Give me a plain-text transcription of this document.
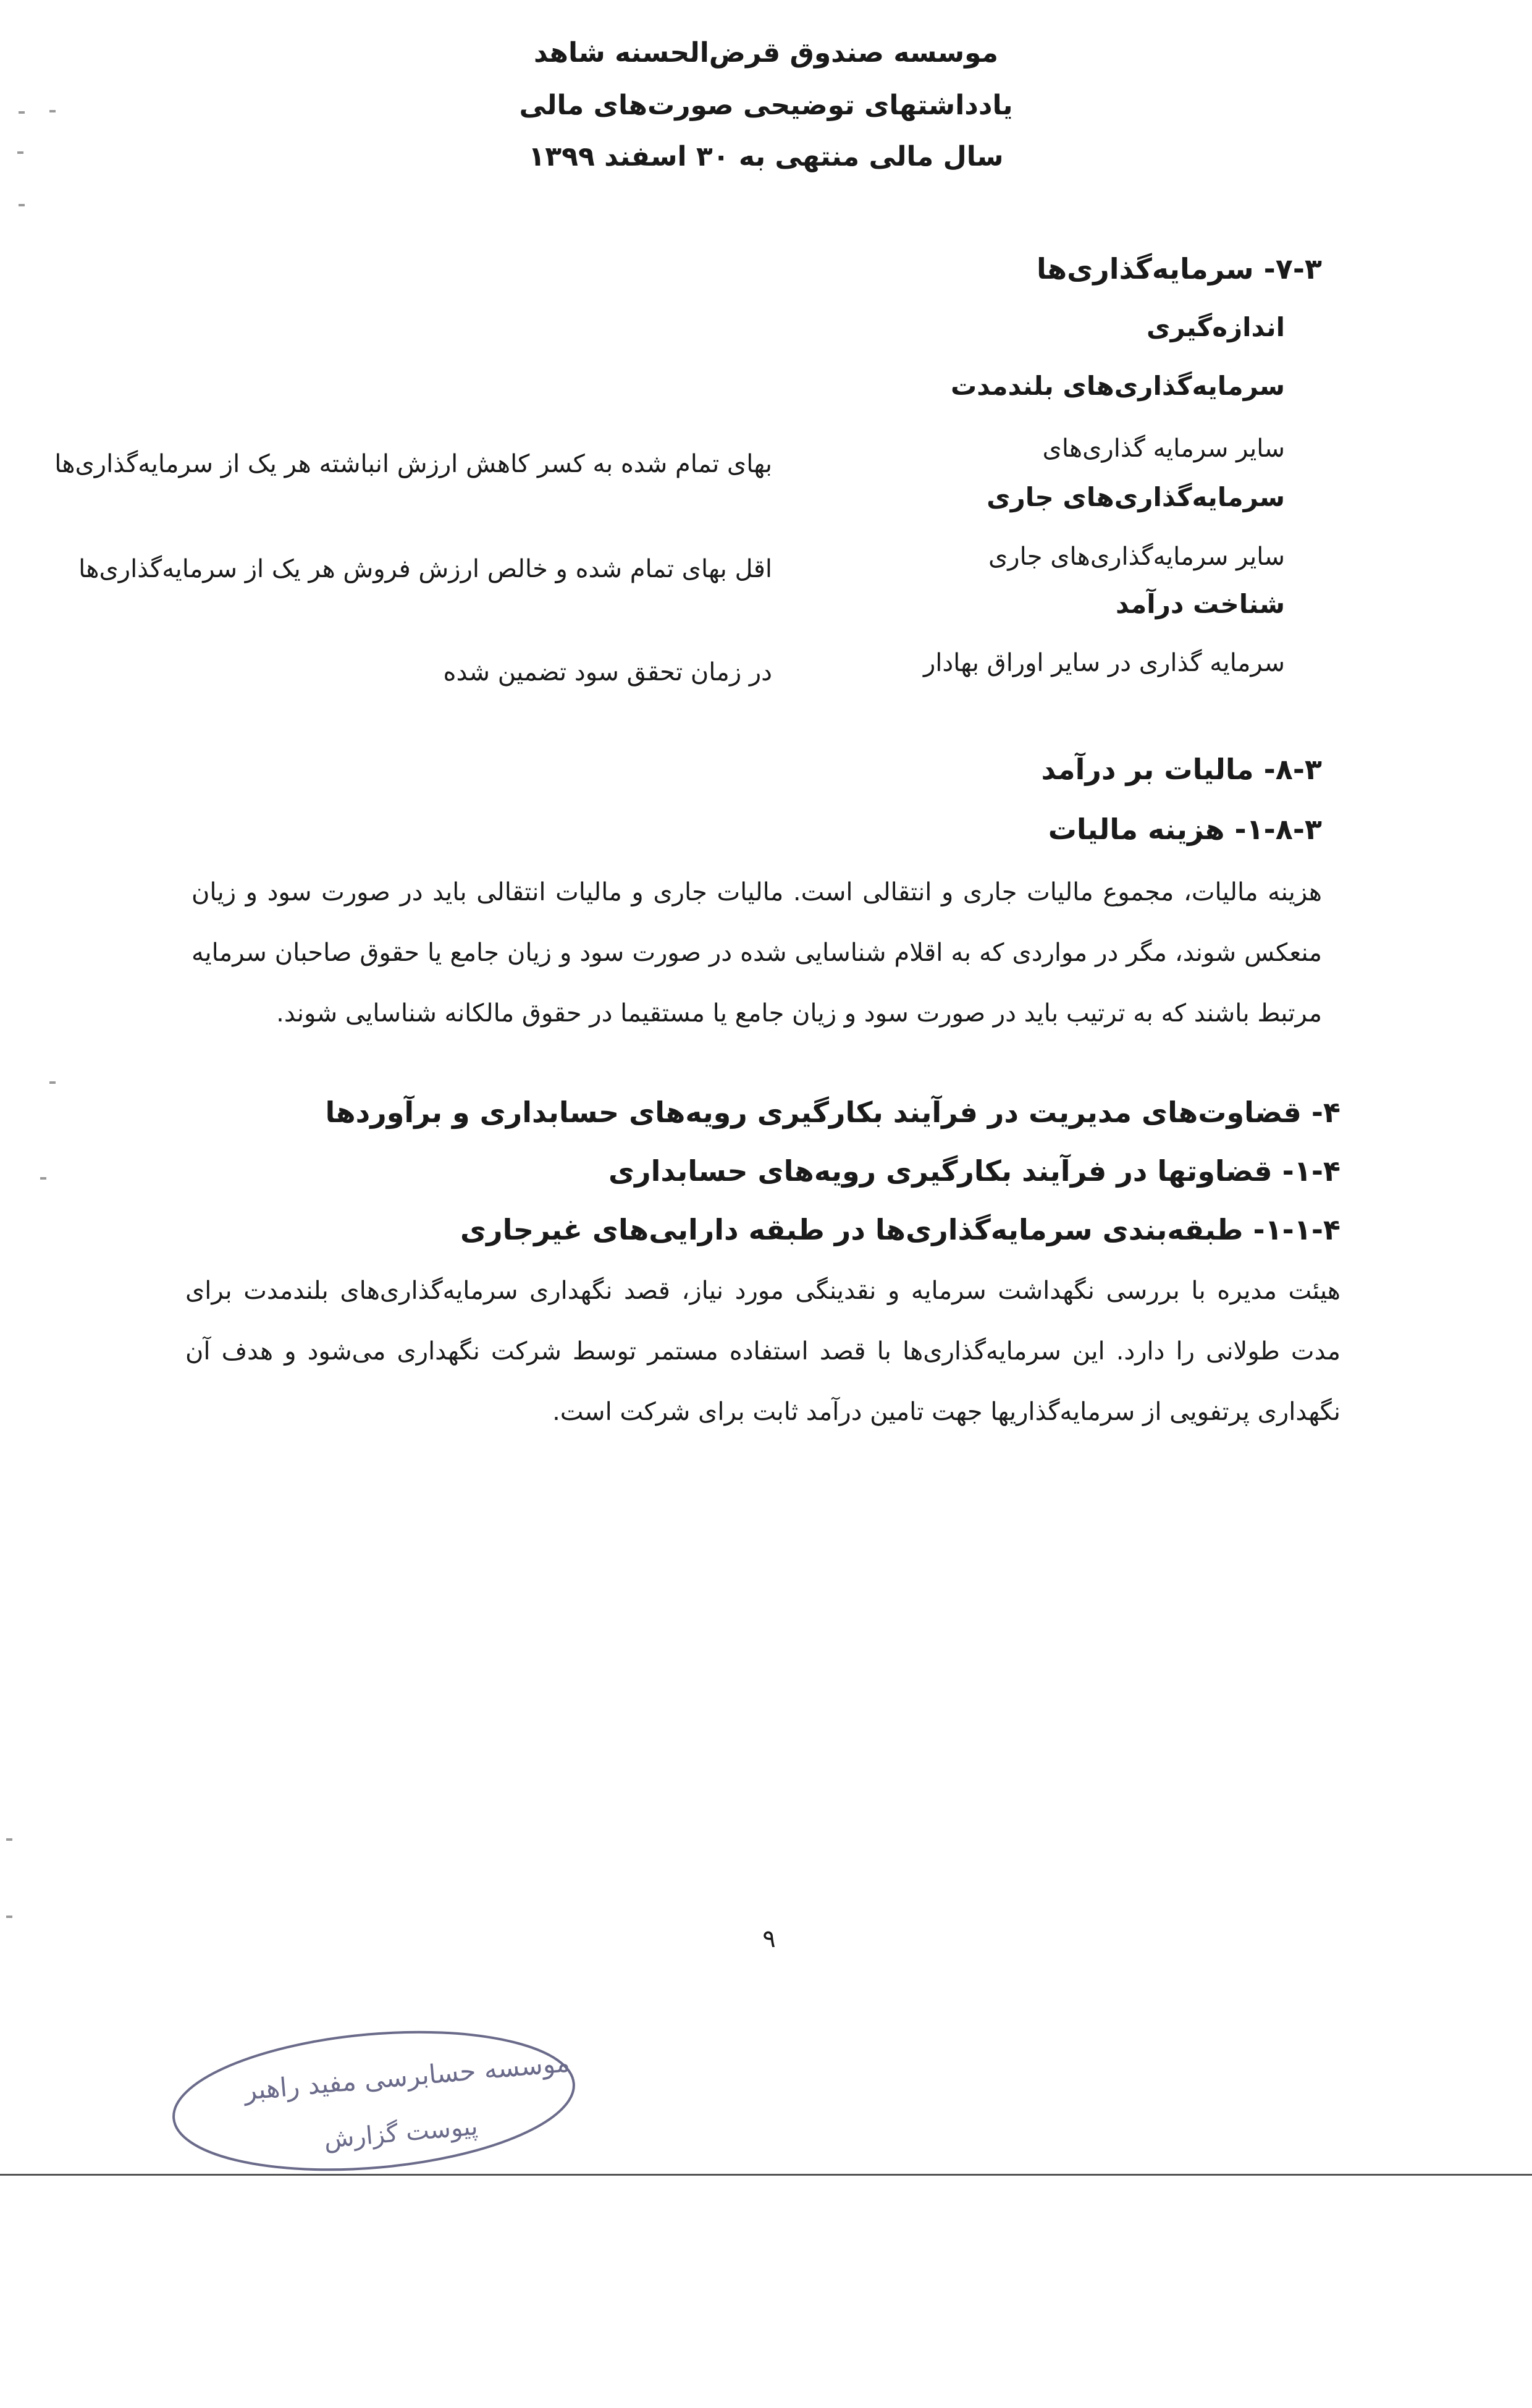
موسسه صندوق قرض‌الحسنه شاهد
یادداشتهای توضیحی صورت‌های مالی
سال مالی منتهی به ۳۰ اسفند ۱۳۹۹
۷-۳- سرمایه‌گذاری‌ها
اندازه‌گیری
سرمایه‌گذاری‌های بلندمدت
سایر سرمایه گذاری‌های
بهای تمام شده به کسر کاهش ارزش انباشته هر یک از سرمایه‌گذاری‌ها
سرمایه‌گذاری‌های جاری
سایر سرمایه‌گذاری‌های جاری
اقل بهای تمام شده و خالص ارزش فروش هر یک از سرمایه‌گذاری‌ها
شناخت درآمد
سرمایه گذاری در سایر اوراق بهادار
در زمان تحقق سود تضمین شده
۸-۳- مالیات بر درآمد
۱-۸-۳- هزینه مالیات
هزینه مالیات، مجموع مالیات جاری و انتقالی است. مالیات جاری و مالیات انتقالی باید در صورت سود و زیان منعکس شوند، مگر در مواردی که به اقلام شناسایی شده در صورت سود و زیان جامع یا حقوق صاحبان سرمایه مرتبط باشند که به ترتیب باید در صورت سود و زیان جامع یا مستقیما در حقوق مالکانه شناسایی شوند.
۴- قضاوت‌های مدیریت در فرآیند بکارگیری رویه‌های حسابداری و برآوردها
۱-۴- قضاوتها در فرآیند بکارگیری رویه‌های حسابداری
۱-۱-۴- طبقه‌بندی سرمایه‌گذاری‌ها در طبقه دارایی‌های غیرجاری
هیئت مدیره با بررسی نگهداشت سرمایه و نقدینگی مورد نیاز، قصد نگهداری سرمایه‌گذاری‌های بلندمدت برای مدت طولانی را دارد. این سرمایه‌گذاری‌ها با قصد استفاده مستمر توسط شرکت نگهداری می‌شود و هدف آن نگهداری پرتفویی از سرمایه‌گذاریها جهت تامین درآمد ثابت برای شرکت است.
۹
موسسه حسابرسی مفید راهبر
پیوست گزارش
